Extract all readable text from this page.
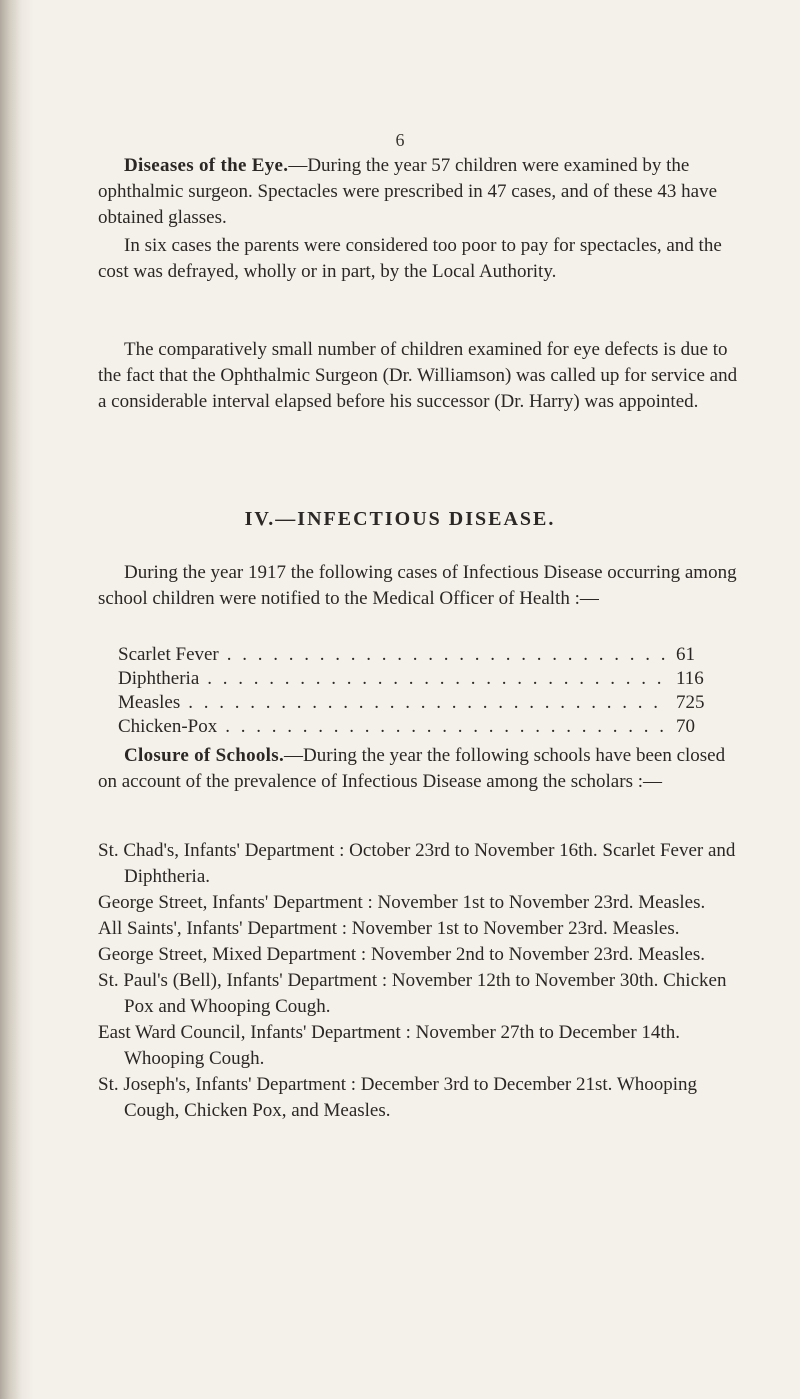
6

Diseases of the Eye.—During the year 57 children were examined by the ophthalmic surgeon. Spectacles were prescribed in 47 cases, and of these 43 have obtained glasses.

In six cases the parents were considered too poor to pay for spectacles, and the cost was defrayed, wholly or in part, by the Local Authority.

The comparatively small number of children examined for eye defects is due to the fact that the Ophthalmic Surgeon (Dr. Williamson) was called up for service and a considerable interval elapsed before his successor (Dr. Harry) was appointed.

IV.—INFECTIOUS DISEASE.

During the year 1917 the following cases of Infectious Disease occurring among school children were notified to the Medical Officer of Health :—

Scarlet Fever . . .	61
Diphtheria . . .	116
Measles . . .	725
Chicken-Pox . . .	70

Closure of Schools.—During the year the following schools have been closed on account of the prevalence of Infectious Disease among the scholars :—

St. Chad's, Infants' Department : October 23rd to November 16th. Scarlet Fever and Diphtheria.
George Street, Infants' Department : November 1st to November 23rd. Measles.
All Saints', Infants' Department : November 1st to November 23rd. Measles.
George Street, Mixed Department : November 2nd to November 23rd. Measles.
St. Paul's (Bell), Infants' Department : November 12th to November 30th. Chicken Pox and Whooping Cough.
East Ward Council, Infants' Department : November 27th to December 14th. Whooping Cough.
St. Joseph's, Infants' Department : December 3rd to December 21st. Whooping Cough, Chicken Pox, and Measles.
